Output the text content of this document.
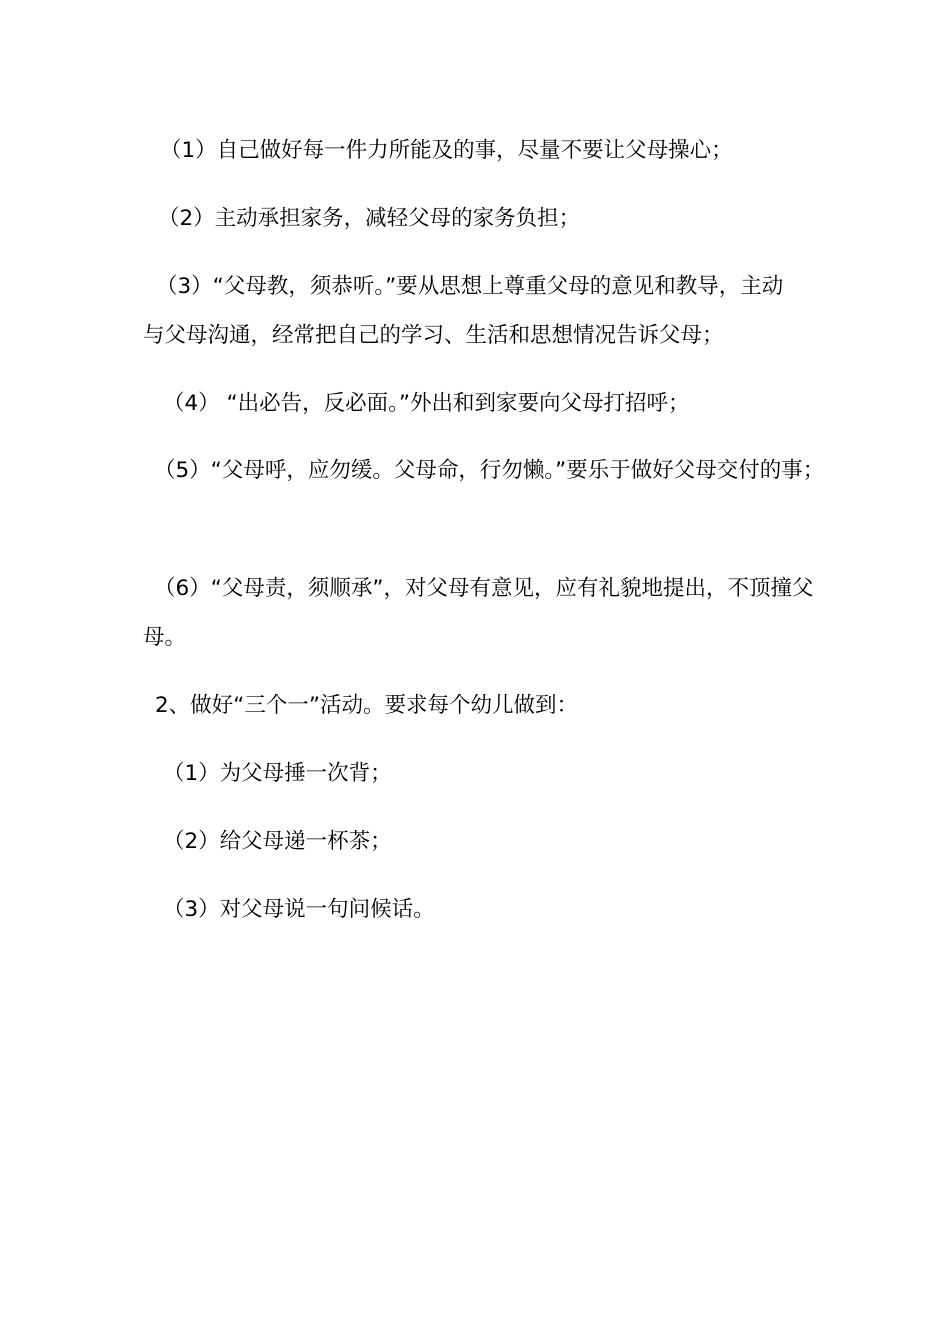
（1）自己做好每一件力所能及的事，尽量不要让父母操心；

（2）主动承担家务，减轻父母的家务负担；

（3）“父母教，须恭听。”要从思想上尊重父母的意见和教导，主动

与父母沟通，经常把自己的学习、生活和思想情况告诉父母；

（4） “出必告，反必面。”外出和到家要向父母打招呼；

（5）“父母呼，应勿缓。父母命，行勿懒。”要乐于做好父母交付的事；

（6）“父母责，须顺承”，对父母有意见，应有礼貌地提出，不顶撞父

母。

2、做好“三个一”活动。要求每个幼儿做到：

（1）为父母捶一次背；

（2）给父母递一杯茶；

（3）对父母说一句问候话。
